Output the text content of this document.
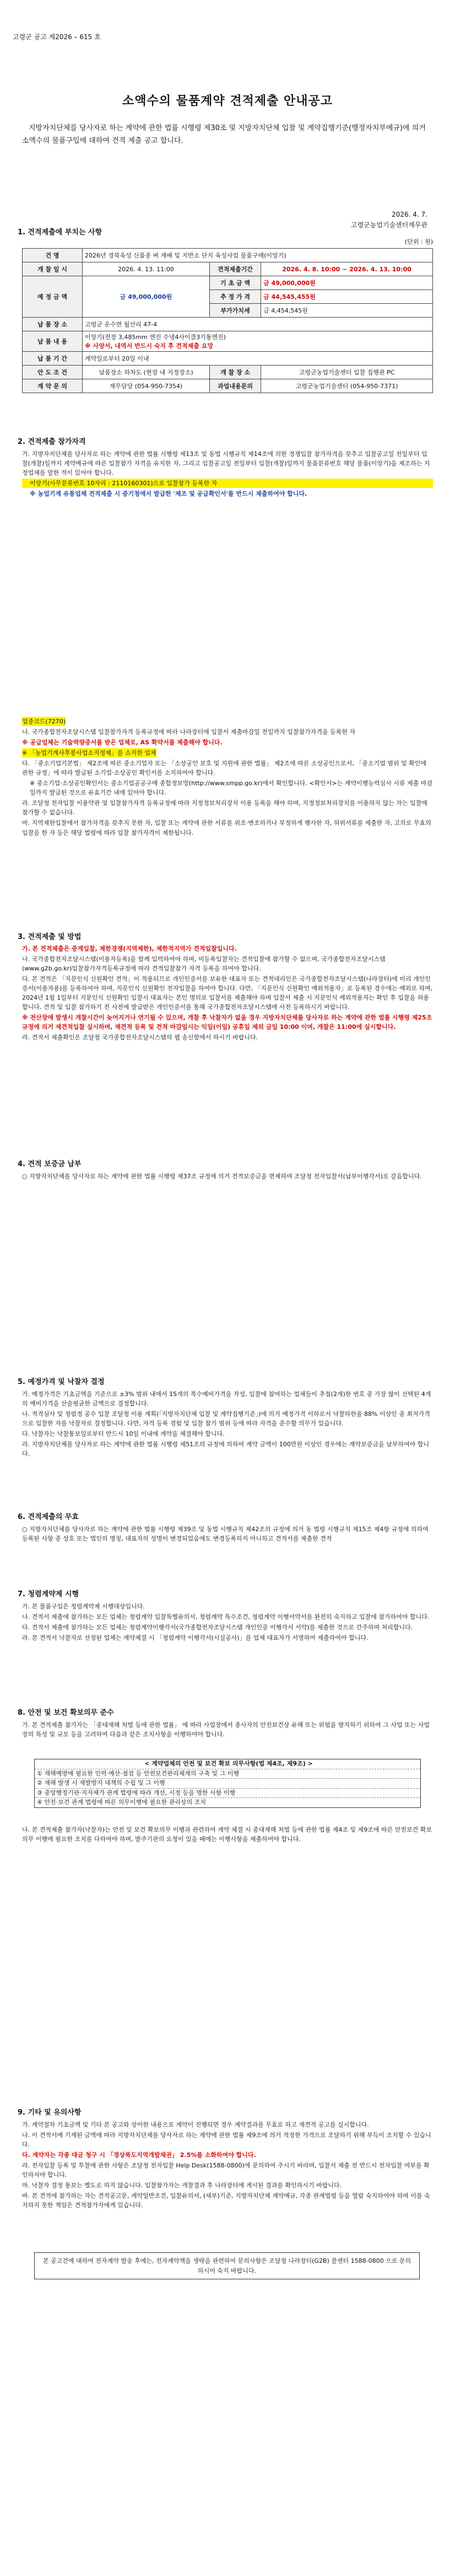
고령군 공고 제2026 – 615 호
소액수의 물품계약 견적제출 안내공고
지방자치단체를 당사자로 하는 계약에 관한 법률 시행령 제30조 및 지방자치단체 입찰 및 계약집행기준(행정자치부예규)에 의거 소액수의 물품구입에 대하여 견적 제출 공고 합니다.
2026. 4. 7.
고령군농업기술센터재무관
1. 견적제출에 부치는 사항
(단위 : 원)
건 명	2026년 경북육성 신품종 벼 재배 및 지반소 단지 육성사업 물품구매(이앙기)		
개 찰 일 시	2026. 4. 13. 11:00	견적제출기간	2026. 4. 8. 10:00 ~ 2026. 4. 13. 10:00
예 정 금 액	금 49,000,000원	기 초 금 액	금 49,000,000원
		추 정 가 격	금 44,545,455원
		부가가치세	금 4,454,545원
납 품 장 소	고령군 운수면 월산리 47-4		
납 품 내 용	이앙기(전장 3,485mm 엔진 수냉4사이클3기통엔진)
※ 사양서, 내역서 반드시 숙지 후 견적제출 요망		

납 품 기 간	계약일로부터 20일 이내		
안 도 조 건	납품장소 하차도 (현장 내 지정장소)	개 찰 장 소	고령군농업기술센터 입찰 집행관 PC
계 약 문 의	재무담당 (054-950-7354)	과업내용문의	고령군농업기술센터 (054-950-7371)
2. 견적제출 참가자격

가. 지방자치단체를 당사자로 하는 계약에 관한 법률 시행령 제13조 및 동법 시행규칙 제14조에 의한 경쟁입찰 참가자격을 갖추고 입찰공고일 전일부터 입찰(개찰)일까지 계약예규에 따른 입찰참가 자격을 유지한 자, 그리고 입찰공고일 전일부터 입찰(개찰)일까지 물품분류번호 해당 물품(이앙기)을 제조하는 지정업체를 말한 적이 있어야 합니다.

이앙기(사무분류번호 10자리 : 2110160301)으로 입찰참가 등록한 자

※ 농업기계 유통업체 견적제출 시 중기청에서 발급한 '제조 및 공급확인서'를 반드시 제출하여야 합니다.

업종코드(7270)

나. 국가종합전자조달시스템 입찰참가자격 등록규정에 따라 나라장터에 입찰서 제출마감일 전일까지 입찰참가자격을 등록한 자

※ 공급업체는 기술력량증서를 받은 업체로, AS 확약서를 제출해야 합니다.

※ 「농업기계사후봉사업소지정제」를 소지한 업체

다. 「중소기업기본법」 제2조에 따른 중소기업자 또는 「소상공인 보호 및 지원에 관한 법률」 제2조에 따른 소상공인으로서, 「중소기업 범위 및 확인에 관한 규정」에 따라 발급된 소기업·소상공인 확인서를 소지하여야 합니다.

※ 중소기업·소상공인확인서는 중소기업공공구매 종합정보망(http://www.smpp.go.kr)에서 확인합니다. <확인서>는 계약이행능력심사 시류 제출 마감일까지 발급된 것으로 유효기간 내에 있어야 합니다.

라. 조달청 전자입찰 이용약관 및 입찰참가자격 등록규정에 따라 지정정보처리장치 이용 등록을 해야 하며, 지정정보처리장치를 이용하지 않는 자는 입찰에 참가할 수 없습니다.

마. 지역제한입찰에서 참가자격을 갖추지 못한 자, 입찰 또는 계약에 관한 서류를 위조·변조하거나 부정하게 행사한 자, 허위서류를 제출한 자, 고의로 무효의 입찰을 한 자 등은 해당 법령에 따라 입찰 참가자격이 제한됩니다.

3. 견적제출 및 방법

가. 본 견적제출은 중계입찰, 제한경쟁(지역제한), 제한적지역가 견적입찰입니다.

나. 국가종합전자조달시스템(이용자등록)을 함께 입력하여야 하며, 미등록입찰자는 견적입찰에 참가할 수 없으며, 국가종합전자조달시스템 (www.g2b.go.kr)입찰참가자격등록규정에 따라 견적입찰참가 자격 등록을 하여야 합니다.

다. 본 견적은 「지문인식 신원확인 견적」이 적용되므로 개인인증서를 보유한 대표자 또는 견적대리인은 국가종합전자조달시스템(나라장터)에 미리 개인인증서(이용자용)를 등록하여야 하며, 지문인식 신원확인 전자입찰을 하여야 합니다. 다만, 「지문인식 신원확인 예외적용자」로 등록된 경우에는 예외로 하며, 2024년 1월 1일부터 지문인식 신원확인 입찰시 대표자는 본인 명의로 입찰서를 제출해야 하며 입찰서 제출 시 지문인식 예외적용자는 확인 후 입찰을 허용합니다. 견적 및 입찰 참가하기 전 사전에 발급받은 개인인증서를 통해 국가종합전자조달시스템에 사전 등록하시기 바랍니다.

※ 전산장애 발생시 개찰시간이 늦어지거나 연기될 수 있으며, 개찰 후 낙찰자가 없을 경우 지방자치단체를 당사자로 하는 계약에 관한 법률 시행령 제25조 규정에 의거 재견적입찰 실시하며, 재견적 등록 및 견적 마감일시는 익일(이일) 공휴일 제외 금일 10:00 이며, 개찰은 11:00에 실시합니다.

라. 견적서 제출확인은 조달청 국가종합전자조달시스템의 웹 송신함에서 하시기 바랍니다.

4. 견적 보증금 납부

○ 지방자치단체를 당사자로 하는 계약에 관한 법률 시행령 제37조 규정에 의거 견적보증금을 면제하여 조달청 전자입찰서(납부이행각서)로 갈음합니다.

5. 예정가격 및 낙찰자 결정

가. 예정가격은 기초금액을 기준으로 ±3% 범위 내에서 15개의 복수예비가격을 작성, 입찰에 참여하는 업체들이 추첨(2개)한 번호 중 가장 많이 선택된 4개의 예비가격을 산술평균한 금액으로 결정합니다.

나. 적격심사 및 청렴정 공수 입찰 조달청 이용 계획(「지방자치단체 입찰 및 계약집행기준」)에 의거 예정가격 이하로서 낙찰하한율 88% 이상인 중 최저가격으로 입찰한 자를 낙찰자로 결정합니다. 다만, 자격 등록 경험 및 입찰 참가 범위 등에 따라 자격을 준수할 의무가 있습니다.

다. 낙찰자는 낙찰통보일로부터 반드시 10일 이내에 계약을 체결해야 합니다.

라. 지방자치단체를 당사자로 하는 계약에 관한 법률 시행령 제51조의 규정에 의하여 계약 금액이 100만원 이상인 경우에는 계약보증금을 납부하여야 합니다.

6. 견적제출의 무효

○ 지방자치단체를 당사자로 하는 계약에 관한 법률 시행령 제39조 및 동법 시행규칙 제42조의 규정에 의거 동 법령 시행규칙 제15조 제4항 규정에 의하여 등록된 사항 중 상호 또는 법인의 명칭, 대표자의 성명이 변경되었음에도 변경등록하지 아니하고 견적서를 제출한 견적

7. 청렴계약제 시행

가. 본 물품구입은 청렴계약제 시행대상입니다.

나. 견적서 제출에 참가하는 모든 업체는 청렴계약 입찰특별유의서, 청렴계약 특수조건, 청렴계약 이행서약서를 완전히 숙지하고 입찰에 참가하여야 합니다.

다. 견적서 제출에 참가하는 모든 업체는 청렴계약이행각서(국가종합전자조달시스템 개인인증 이행각서 서약)를 제출한 것으로 간주하며 처리합니다.

라. 본 견적서 낙찰자로 선정된 업체는 계약체결 시 「청렴계약 이행각서(시설공사)」를 업체 대표자가 서명하여 제출하여야 합니다.

8. 안전 및 보건 확보의무 준수

가. 본 견적제출 참가자는 「중대재해 처벌 등에 관한 법률」 에 따라 사업장에서 종사자의 안전보건상 유해 또는 위험을 방지하기 위하여 그 사업 또는 사업장의 특성 및 규모 등을 고려하여 다음과 같은 조치사항을 이행하여야 합니다.

< 계약업체의 안전 및 보건 확보 의무사항(법 제4조, 제9조) >
① 재해예방에 필요한 인력·예산·점검 등 안전보건관리체계의 구축 및 그 이행
② 재해 발생 시 재발방지 대책의 수립 및 그 이행
③ 중앙행정기관·지자체가 관계 법령에 따라 개선, 시정 등을 명한 사항 이행
④ 안전·보건 관계 법령에 따른 의무이행에 필요한 관리상의 조치

나. 본 견적제출 참가자(낙찰자)는 안전 및 보건 확보의무 이행과 관련하여 계약 체결 시 중대재해 처벌 등에 관한 법률 제4조 및 제9조에 따른 안전보건 확보의무 이행에 필요한 조치를 다하여야 하며, 발주기관의 요청이 있을 때에는 이행사항을 제출하여야 합니다.

9. 기타 및 유의사항

가. 계약절차 기초금액 및 기타 본 공고와 상이한 내용으로 계약이 진행되면 경우 계약결과를 무효로 하고 재견적 공고를 실시합니다.

나. 이 견적서에 기재된 금액에 따라 지방자치단체를 당사자로 하는 계약에 관한 법률 제9조에 의거 적정한 가격으로 조달하기 위해 부득이 조치할 수 있습니다.

다. 계약자는 각종 대금 청구 시 「경상북도지역개발채권」 2.5%를 소화하여야 합니다.

라. 전자입찰 등록 및 투찰에 관한 사항은 조달청 전자입찰 Help Desk(1588-0800)에 문의하여 주시기 바라며, 입찰서 제출 전 반드시 전자입찰 여부를 확인하셔야 합니다.

마. 낙찰자 결정 통보는 별도로 하지 않습니다. 입찰참가자는 개찰결과 후 나라장터에 게시된 결과를 확인하시기 바랍니다.

바. 본 견적에 참가하는 자는 견적공고문, 계약일반조건, 입찰유의서, (세부)기준, 지방자치단체 계약예규, 각종 관계법령 등을 열람 숙지하여야 하며 이를 숙지하지 못한 책임은 견적참가자에게 있습니다.

본 공고건에 대하여 전자계약 발송 후에는, 전자계약책을 생략을 관련하여 문의사항은 조달청 나라장터(G2B) 콜센터 1588-0800 으로 문의하시어 숙지 바랍니다.
